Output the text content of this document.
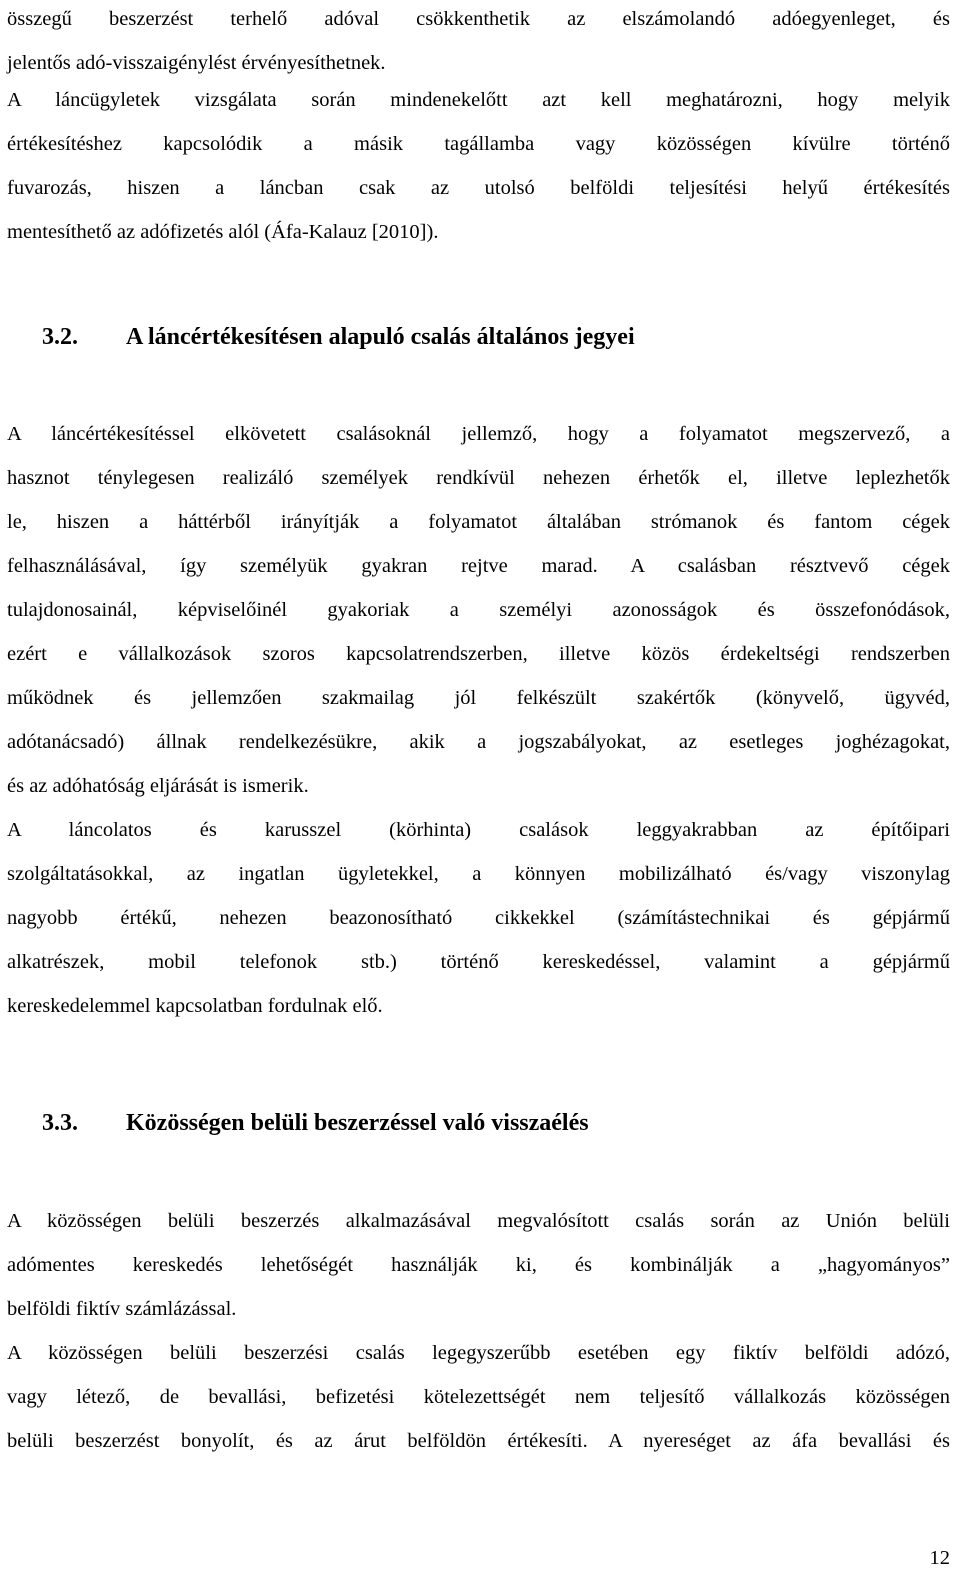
összegű beszerzést terhelő adóval csökkenthetik az elszámolandó adóegyenleget, és
jelentős adó-visszaigénylést érvényesíthetnek.

A láncügyletek vizsgálata során mindenekelőtt azt kell meghatározni, hogy melyik
értékesítéshez kapcsolódik a másik tagállamba vagy közösségen kívülre történő
fuvarozás, hiszen a láncban csak az utolsó belföldi teljesítési helyű értékesítés
mentesíthető az adófizetés alól (Áfa-Kalauz [2010]).

3.2.	A láncértékesítésen alapuló csalás általános jegyei

A láncértékesítéssel elkövetett csalásoknál jellemző, hogy a folyamatot megszervező, a
hasznot ténylegesen realizáló személyek rendkívül nehezen érhetők el, illetve leplezhetők
le, hiszen a háttérből irányítják a folyamatot általában strómanok és fantom cégek
felhasználásával, így személyük gyakran rejtve marad. A csalásban résztvevő cégek
tulajdonosainál, képviselőinél gyakoriak a személyi azonosságok és összefonódások,
ezért e vállalkozások szoros kapcsolatrendszerben, illetve közös érdekeltségi rendszerben
működnek és jellemzően szakmailag jól felkészült szakértők (könyvelő, ügyvéd,
adótanácsadó) állnak rendelkezésükre, akik a jogszabályokat, az esetleges joghézagokat,
és az adóhatóság eljárását is ismerik.

A láncolatos és karusszel (körhinta) csalások leggyakrabban az építőipari
szolgáltatásokkal, az ingatlan ügyletekkel, a könnyen mobilizálható és/vagy viszonylag
nagyobb értékű, nehezen beazonosítható cikkekkel (számítástechnikai és gépjármű
alkatrészek, mobil telefonok stb.) történő kereskedéssel, valamint a gépjármű
kereskedelemmel kapcsolatban fordulnak elő.

3.3.	Közösségen belüli beszerzéssel való visszaélés

A közösségen belüli beszerzés alkalmazásával megvalósított csalás során az Unión belüli
adómentes kereskedés lehetőségét használják ki, és kombinálják a „hagyományos”
belföldi fiktív számlázással.

A közösségen belüli beszerzési csalás legegyszerűbb esetében egy fiktív belföldi adózó,
vagy létező, de bevallási, befizetési kötelezettségét nem teljesítő vállalkozás közösségen
belüli beszerzést bonyolít, és az árut belföldön értékesíti. A nyereséget az áfa bevallási és

12
